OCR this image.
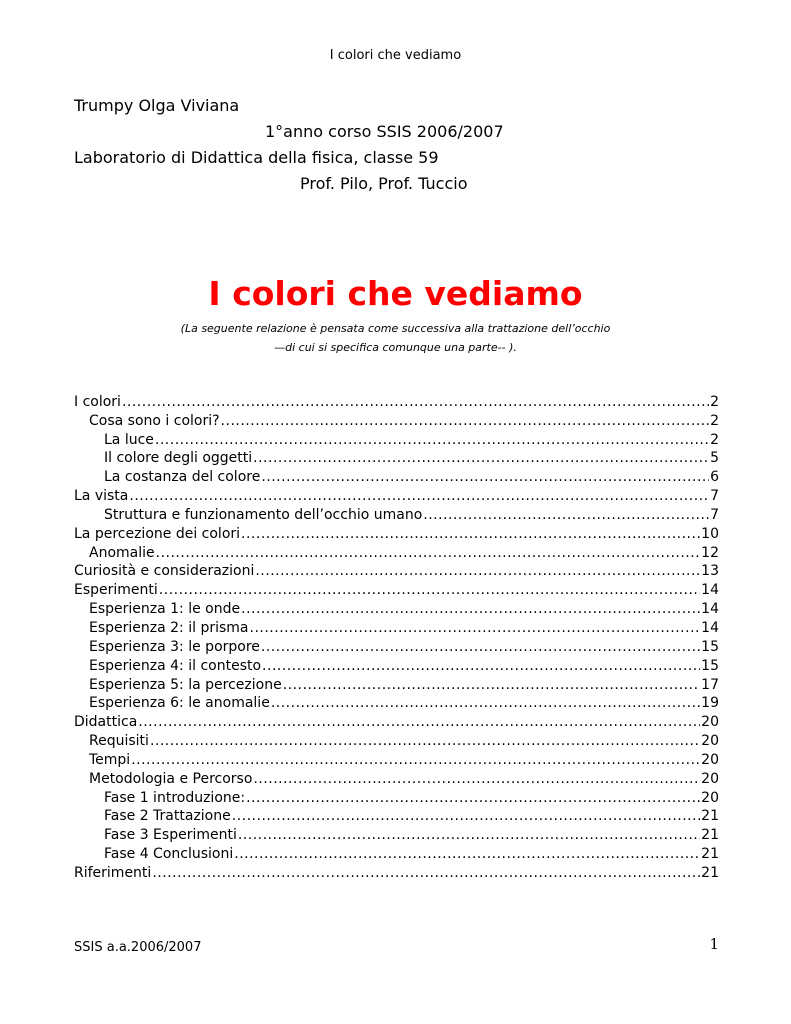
I colori che vediamo
Trumpy Olga Viviana
1°anno corso SSIS 2006/2007
Laboratorio di Didattica della fisica, classe 59
Prof. Pilo, Prof. Tuccio
I colori che vediamo
(La seguente relazione è pensata come successiva alla trattazione dell’occhio
—di cui si specifica comunque una parte-- ).
I colori .....	2
Cosa sono i colori? .....	2
La luce .....	2
Il colore degli oggetti .....	5
La costanza del colore .....	6
La vista .....	7
Struttura e funzionamento dell’occhio umano .....	7
La percezione dei colori .....	10
Anomalie .....	12
Curiosità e considerazioni .....	13
Esperimenti .....	14
Esperienza 1: le onde .....	14
Esperienza 2: il prisma .....	14
Esperienza 3: le porpore .....	15
Esperienza 4: il contesto .....	15
Esperienza 5: la percezione .....	17
Esperienza 6: le anomalie .....	19
Didattica .....	20
Requisiti .....	20
Tempi .....	20
Metodologia e Percorso .....	20
Fase 1 introduzione: .....	20
Fase 2 Trattazione .....	21
Fase 3 Esperimenti .....	21
Fase 4 Conclusioni .....	21
Riferimenti .....	21
SSIS a.a.2006/2007	1
